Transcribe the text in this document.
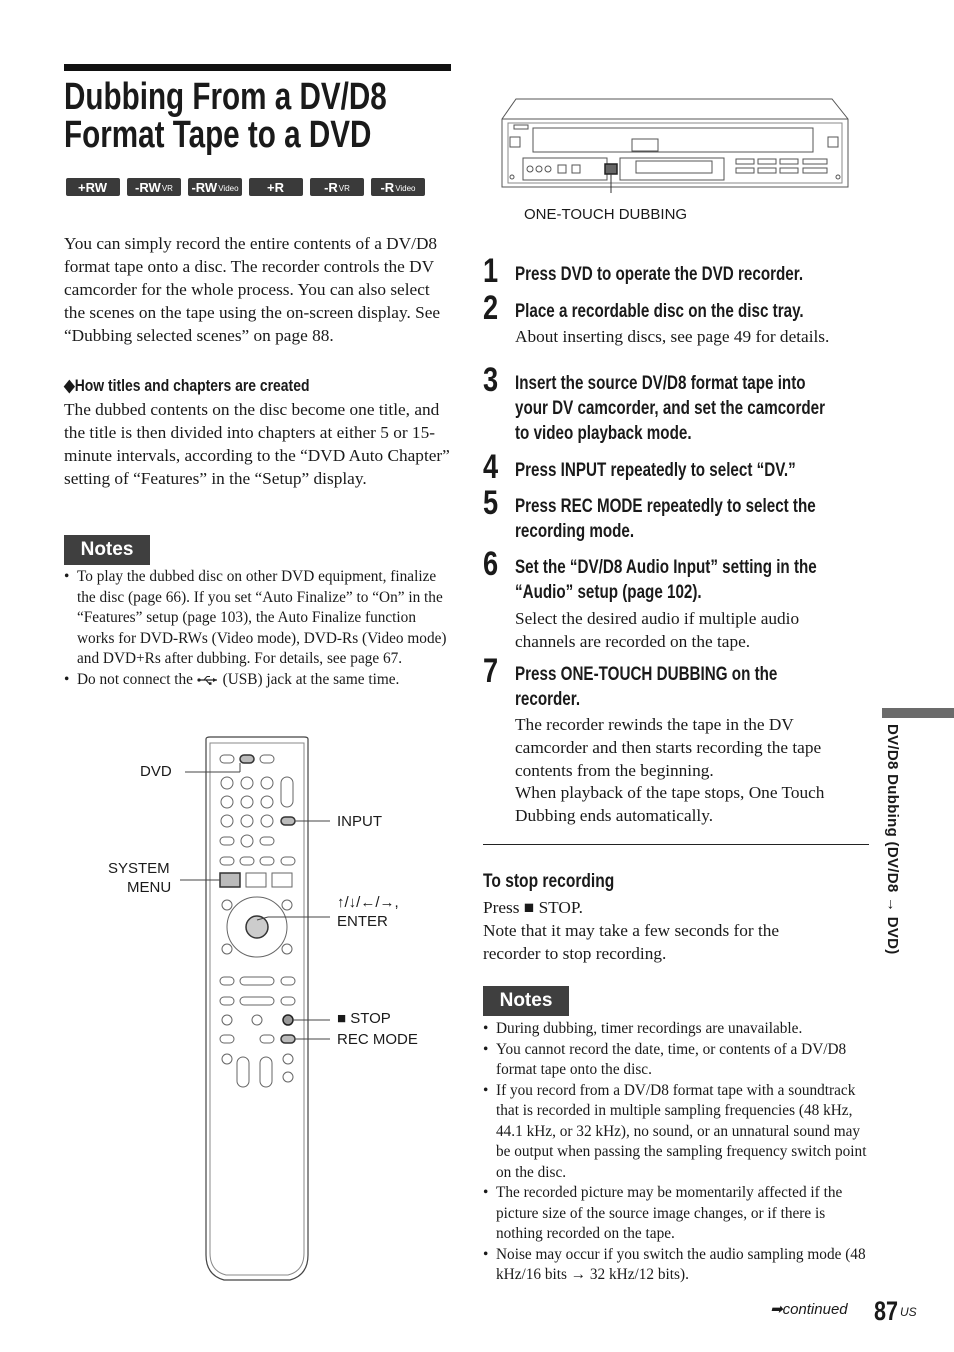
Dubbing From a DV/D8
Format Tape to a DVD
+RW -RW VR -RW Video +R	-R VR -R Video

You can simply record the entire contents of a DV/D8 format tape onto a disc. The recorder controls the DV camcorder for the whole process. You can also select the scenes on the tape using the on-screen display. See “Dubbing selected scenes” on page 88.

◆How titles and chapters are created

The dubbed contents on the disc become one title, and the title is then divided into chapters at either 5 or 15-minute intervals, according to the “DVD Auto Chapter” setting of “Features” in the “Setup” display.

Notes
• To play the dubbed disc on other DVD equipment, finalize the disc (page 66). If you set “Auto Finalize” to “On” in the “Features” setup (page 103), the Auto Finalize function works for DVD-RWs (Video mode), DVD-Rs (Video mode) and DVD+Rs after dubbing. For details, see page 67.
• Do not connect the (USB) jack at the same time.
DVD
SYSTEM
MENU
INPUT
↑/↓/←/→,
ENTER
■ STOP
REC MODE
ONE-TOUCH DUBBING
1 Press DVD to operate the DVD recorder.
2 Place a recordable disc on the disc tray.
About inserting discs, see page 49 for details.
3 Insert the source DV/D8 format tape into
your DV camcorder, and set the camcorder
to video playback mode.
4 Press INPUT repeatedly to select “DV.”
5 Press REC MODE repeatedly to select the
recording mode.
6 Set the “DV/D8 Audio Input” setting in the
“Audio” setup (page 102).
Select the desired audio if multiple audio channels are recorded on the tape.
7 Press ONE-TOUCH DUBBING on the
recorder.
The recorder rewinds the tape in the DV camcorder and then starts recording the tape contents from the beginning.
When playback of the tape stops, One Touch Dubbing ends automatically.
To stop recording
Press ■ STOP.
Note that it may take a few seconds for the recorder to stop recording.
Notes
• During dubbing, timer recordings are unavailable.
• You cannot record the date, time, or contents of a DV/D8 format tape onto the disc.
• If you record from a DV/D8 format tape with a soundtrack that is recorded in multiple sampling frequencies (48 kHz, 44.1 kHz, or 32 kHz), no sound, or an unnatural sound may be output when passing the sampling frequency switch point on the disc.
• The recorded picture may be momentarily affected if the picture size of the source image changes, or if there is nothing recorded on the tape.
• Noise may occur if you switch the audio sampling mode (48 kHz/16 bits → 32 kHz/12 bits).
DV/D8 Dubbing (DV/D8 → DVD)
➡continued 87 US
